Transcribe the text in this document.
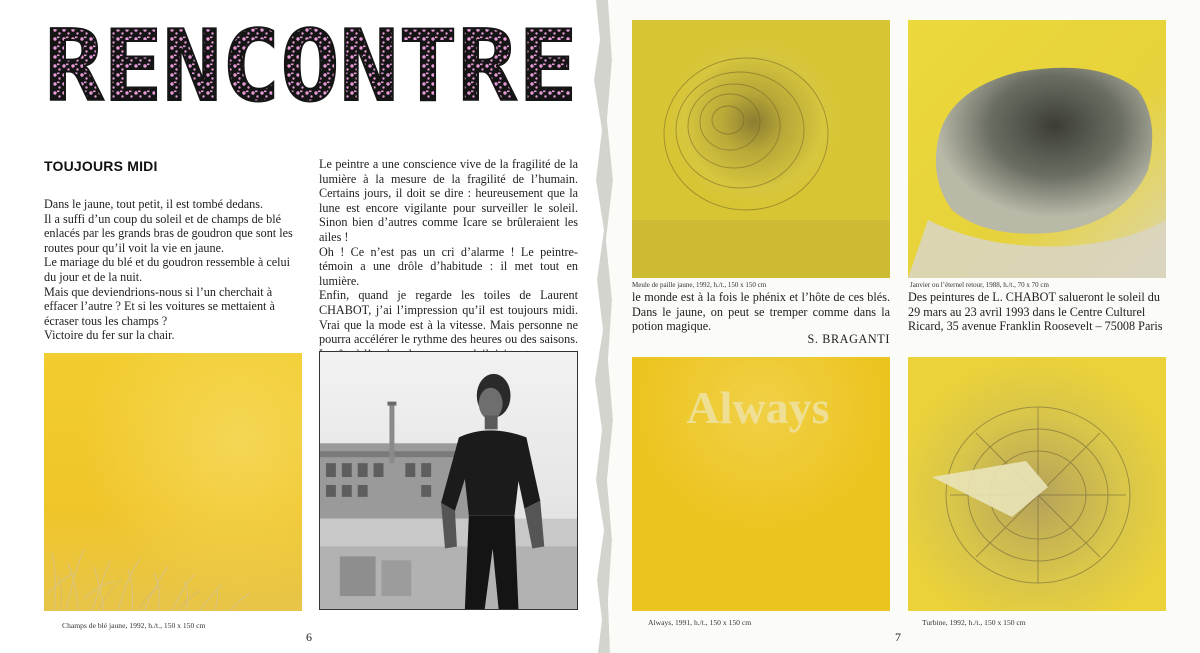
R E N C O N T R E
TOUJOURS MIDI

Dans le jaune, tout petit, il est tombé dedans.

Il a suffi d’un coup du soleil et de champs de blé enlacés par les grands bras de goudron que sont les routes pour qu’il voit la vie en jaune.

Le mariage du blé et du goudron ressemble à celui du jour et de la nuit.

Mais que deviendrions-nous si l’un cherchait à effacer l’autre ? Et si les voitures se mettaient à écraser tous les champs ?

Victoire du fer sur la chair.

Le peintre a une conscience vive de la fragilité de la lumière à la mesure de la fragilité de l’humain. Certains jours, il doit se dire : heureusement que la lune est encore vigilante pour surveiller le soleil. Sinon bien d’autres comme Icare se brûleraient les ailes !

Oh ! Ce n’est pas un cri d’alarme ! Le peintre-témoin a une drôle d’habitude : il met tout en lumière.

Enfin, quand je regarde les toiles de Laurent CHABOT, j’ai l’impression qu’il est toujours midi. Vrai que la mode est à la vitesse. Mais personne ne pourra accélérer le rythme des heures ou des saisons.

Champs de blé jaune, 1992, h./t., 150 x 150 cm
6
Meule de paille jaune, 1992, h./t., 150 x 150 cm	Janvier ou l’éternel retour, 1988, h./t., 70 x 70 cm

le monde est à la fois le phénix et l’hôte de ces blés. Dans le jaune, on peut se tremper comme dans la potion magique.

S. BRAGANTI

Des peintures de L. CHABOT salueront le soleil du 29 mars au 23 avril 1993 dans le Centre Culturel Ricard, 35 avenue Franklin Roosevelt – 75008 Paris

Always
Always, 1991, h./t., 150 x 150 cm	Turbine, 1992, h./t., 150 x 150 cm
7
